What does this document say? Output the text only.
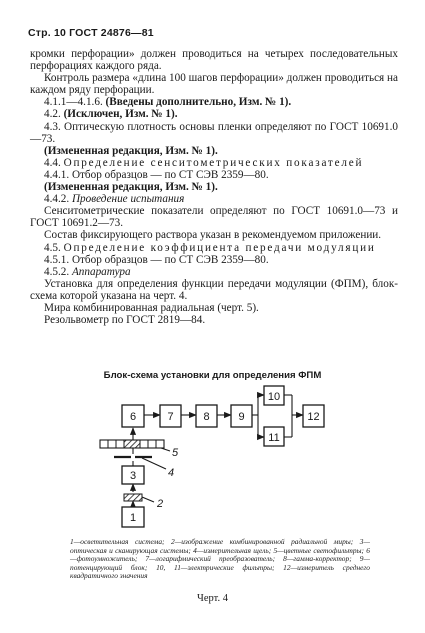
Стр. 10 ГОСТ 24876—81

кромки перфорации» должен проводиться на четырех последовательных перфорациях каждого ряда.

Контроль размера «длина 100 шагов перфорации» должен проводиться на каждом ряду перфорации.

4.1.1—4.1.6. (Введены дополнительно, Изм. № 1).

4.2. (Исключен, Изм. № 1).

4.3. Оптическую плотность основы пленки определяют по ГОСТ 10691.0—73.

(Измененная редакция, Изм. № 1).

4.4. Определение сенситометрических показателей

4.4.1. Отбор образцов — по СТ СЭВ 2359—80.

(Измененная редакция, Изм. № 1).

4.4.2. Проведение испытания

Сенситометрические показатели определяют по ГОСТ 10691.0—73 и ГОСТ 10691.2—73.

Состав фиксирующего раствора указан в рекомендуемом приложении.

4.5. Определение коэффициента передачи модуляции

4.5.1. Отбор образцов — по СТ СЭВ 2359—80.

4.5.2. Аппаратура

Установка для определения функции передачи модуляции (ФПМ), блок-схема которой указана на черт. 4.

Мира комбинированная радиальная (черт. 5).

Резольвометр по ГОСТ 2819—84.

Блок-схема установки для определения ФПМ
6	7	8	9
10
11
12
3
1
5
4
2
1—осветительная система; 2—изображение комбинированной радиальной миры; 3—оптическая и сканирующая системы; 4—измерительная щель; 5—цветные светофильтры; 6—фотоумножитель; 7—логарифмический преобразователь; 8—гамма-корректор; 9—потенцирующий блок; 10, 11—электрические фильтры; 12—измеритель среднего квадратичного значения
Черт. 4
